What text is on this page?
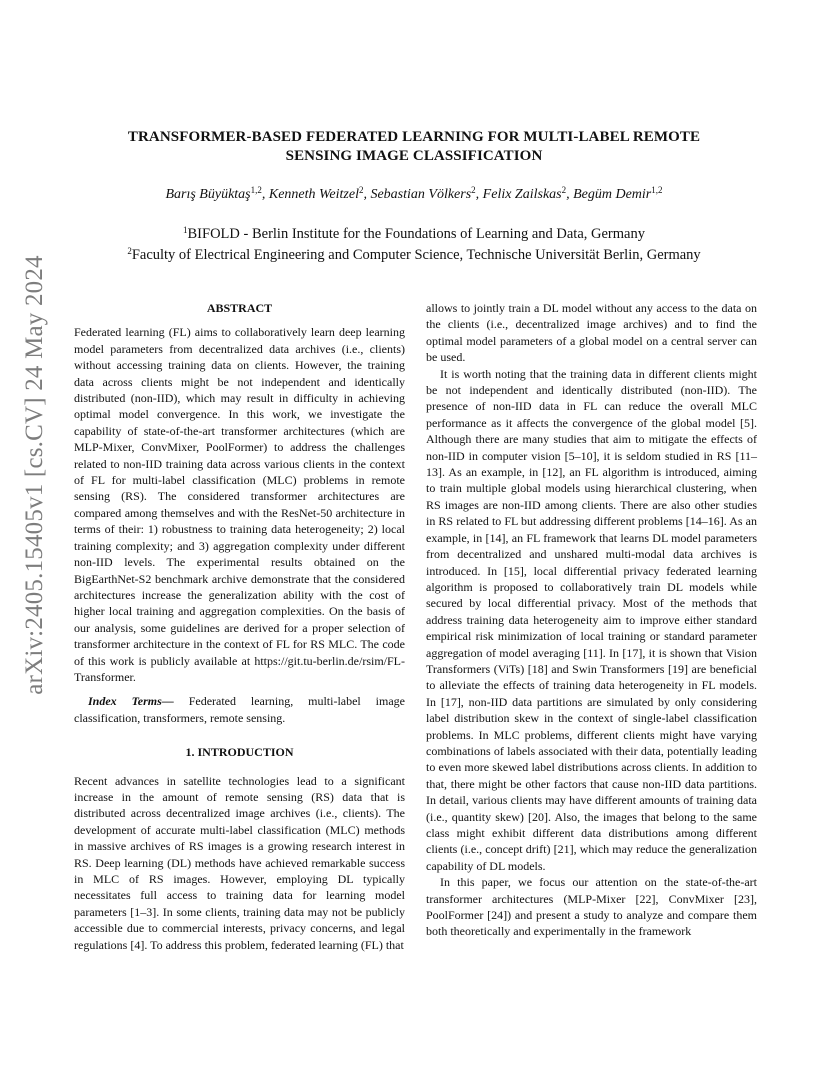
arXiv:2405.15405v1 [cs.CV] 24 May 2024
TRANSFORMER-BASED FEDERATED LEARNING FOR MULTI-LABEL REMOTE
SENSING IMAGE CLASSIFICATION
Barış Büyüktaş$^{1,2}$, Kenneth Weitzel$^2$, Sebastian Völkers$^2$, Felix Zailskas$^2$, Begüm Demir$^{1,2}$
$^1$BIFOLD - Berlin Institute for the Foundations of Learning and Data, Germany
$^2$Faculty of Electrical Engineering and Computer Science, Technische Universität Berlin, Germany
ABSTRACT

Federated learning (FL) aims to collaboratively learn deep learning model parameters from decentralized data archives (i.e., clients) without accessing training data on clients. However, the training data across clients might be not independent and identically distributed (non-IID), which may result in difficulty in achieving optimal model convergence. In this work, we investigate the capability of state-of-the-art transformer architectures (which are MLP-Mixer, ConvMixer, PoolFormer) to address the challenges related to non-IID training data across various clients in the context of FL for multi-label classification (MLC) problems in remote sensing (RS). The considered transformer architectures are compared among themselves and with the ResNet-50 architecture in terms of their: 1) robustness to training data heterogeneity; 2) local training complexity; and 3) aggregation complexity under different non-IID levels. The experimental results obtained on the BigEarthNet-S2 benchmark archive demonstrate that the considered architectures increase the generalization ability with the cost of higher local training and aggregation complexities. On the basis of our analysis, some guidelines are derived for a proper selection of transformer architecture in the context of FL for RS MLC. The code of this work is publicly available at https://git.tu-berlin.de/rsim/FL-Transformer.

Index Terms— Federated learning, multi-label image classification, transformers, remote sensing.

1. INTRODUCTION

Recent advances in satellite technologies lead to a significant increase in the amount of remote sensing (RS) data that is distributed across decentralized image archives (i.e., clients). The development of accurate multi-label classification (MLC) methods in massive archives of RS images is a growing research interest in RS. Deep learning (DL) methods have achieved remarkable success in MLC of RS images. However, employing DL typically necessitates full access to training data for learning model parameters [1–3]. In some clients, training data may not be publicly accessible due to commercial interests, privacy concerns, and legal regulations [4]. To address this problem, federated learning (FL) that

allows to jointly train a DL model without any access to the data on the clients (i.e., decentralized image archives) and to find the optimal model parameters of a global model on a central server can be used.

It is worth noting that the training data in different clients might be not independent and identically distributed (non-IID). The presence of non-IID data in FL can reduce the overall MLC performance as it affects the convergence of the global model [5]. Although there are many studies that aim to mitigate the effects of non-IID in computer vision [5–10], it is seldom studied in RS [11–13]. As an example, in [12], an FL algorithm is introduced, aiming to train multiple global models using hierarchical clustering, when RS images are non-IID among clients. There are also other studies in RS related to FL but addressing different problems [14–16]. As an example, in [14], an FL framework that learns DL model parameters from decentralized and unshared multi-modal data archives is introduced. In [15], local differential privacy federated learning algorithm is proposed to collaboratively train DL models while secured by local differential privacy. Most of the methods that address training data heterogeneity aim to improve either standard empirical risk minimization of local training or standard parameter aggregation of model averaging [11]. In [17], it is shown that Vision Transformers (ViTs) [18] and Swin Transformers [19] are beneficial to alleviate the effects of training data heterogeneity in FL models. In [17], non-IID data partitions are simulated by only considering label distribution skew in the context of single-label classification problems. In MLC problems, different clients might have varying combinations of labels associated with their data, potentially leading to even more skewed label distributions across clients. In addition to that, there might be other factors that cause non-IID data partitions. In detail, various clients may have different amounts of training data (i.e., quantity skew) [20]. Also, the images that belong to the same class might exhibit different data distributions among different clients (i.e., concept drift) [21], which may reduce the generalization capability of DL models.

In this paper, we focus our attention on the state-of-the-art transformer architectures (MLP-Mixer [22], ConvMixer [23], PoolFormer [24]) and present a study to analyze and compare them both theoretically and experimentally in the framework
